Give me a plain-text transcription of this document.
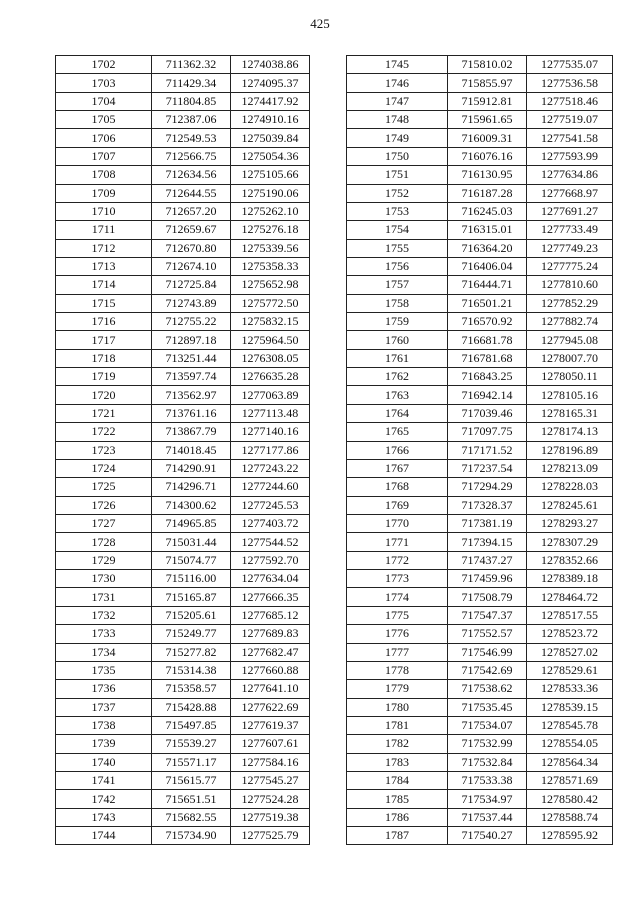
425
1702	711362.32	1274038.86
1703	711429.34	1274095.37
1704	711804.85	1274417.92
1705	712387.06	1274910.16
1706	712549.53	1275039.84
1707	712566.75	1275054.36
1708	712634.56	1275105.66
1709	712644.55	1275190.06
1710	712657.20	1275262.10
1711	712659.67	1275276.18
1712	712670.80	1275339.56
1713	712674.10	1275358.33
1714	712725.84	1275652.98
1715	712743.89	1275772.50
1716	712755.22	1275832.15
1717	712897.18	1275964.50
1718	713251.44	1276308.05
1719	713597.74	1276635.28
1720	713562.97	1277063.89
1721	713761.16	1277113.48
1722	713867.79	1277140.16
1723	714018.45	1277177.86
1724	714290.91	1277243.22
1725	714296.71	1277244.60
1726	714300.62	1277245.53
1727	714965.85	1277403.72
1728	715031.44	1277544.52
1729	715074.77	1277592.70
1730	715116.00	1277634.04
1731	715165.87	1277666.35
1732	715205.61	1277685.12
1733	715249.77	1277689.83
1734	715277.82	1277682.47
1735	715314.38	1277660.88
1736	715358.57	1277641.10
1737	715428.88	1277622.69
1738	715497.85	1277619.37
1739	715539.27	1277607.61
1740	715571.17	1277584.16
1741	715615.77	1277545.27
1742	715651.51	1277524.28
1743	715682.55	1277519.38
1744	715734.90	1277525.79
1745	715810.02	1277535.07
1746	715855.97	1277536.58
1747	715912.81	1277518.46
1748	715961.65	1277519.07
1749	716009.31	1277541.58
1750	716076.16	1277593.99
1751	716130.95	1277634.86
1752	716187.28	1277668.97
1753	716245.03	1277691.27
1754	716315.01	1277733.49
1755	716364.20	1277749.23
1756	716406.04	1277775.24
1757	716444.71	1277810.60
1758	716501.21	1277852.29
1759	716570.92	1277882.74
1760	716681.78	1277945.08
1761	716781.68	1278007.70
1762	716843.25	1278050.11
1763	716942.14	1278105.16
1764	717039.46	1278165.31
1765	717097.75	1278174.13
1766	717171.52	1278196.89
1767	717237.54	1278213.09
1768	717294.29	1278228.03
1769	717328.37	1278245.61
1770	717381.19	1278293.27
1771	717394.15	1278307.29
1772	717437.27	1278352.66
1773	717459.96	1278389.18
1774	717508.79	1278464.72
1775	717547.37	1278517.55
1776	717552.57	1278523.72
1777	717546.99	1278527.02
1778	717542.69	1278529.61
1779	717538.62	1278533.36
1780	717535.45	1278539.15
1781	717534.07	1278545.78
1782	717532.99	1278554.05
1783	717532.84	1278564.34
1784	717533.38	1278571.69
1785	717534.97	1278580.42
1786	717537.44	1278588.74
1787	717540.27	1278595.92
